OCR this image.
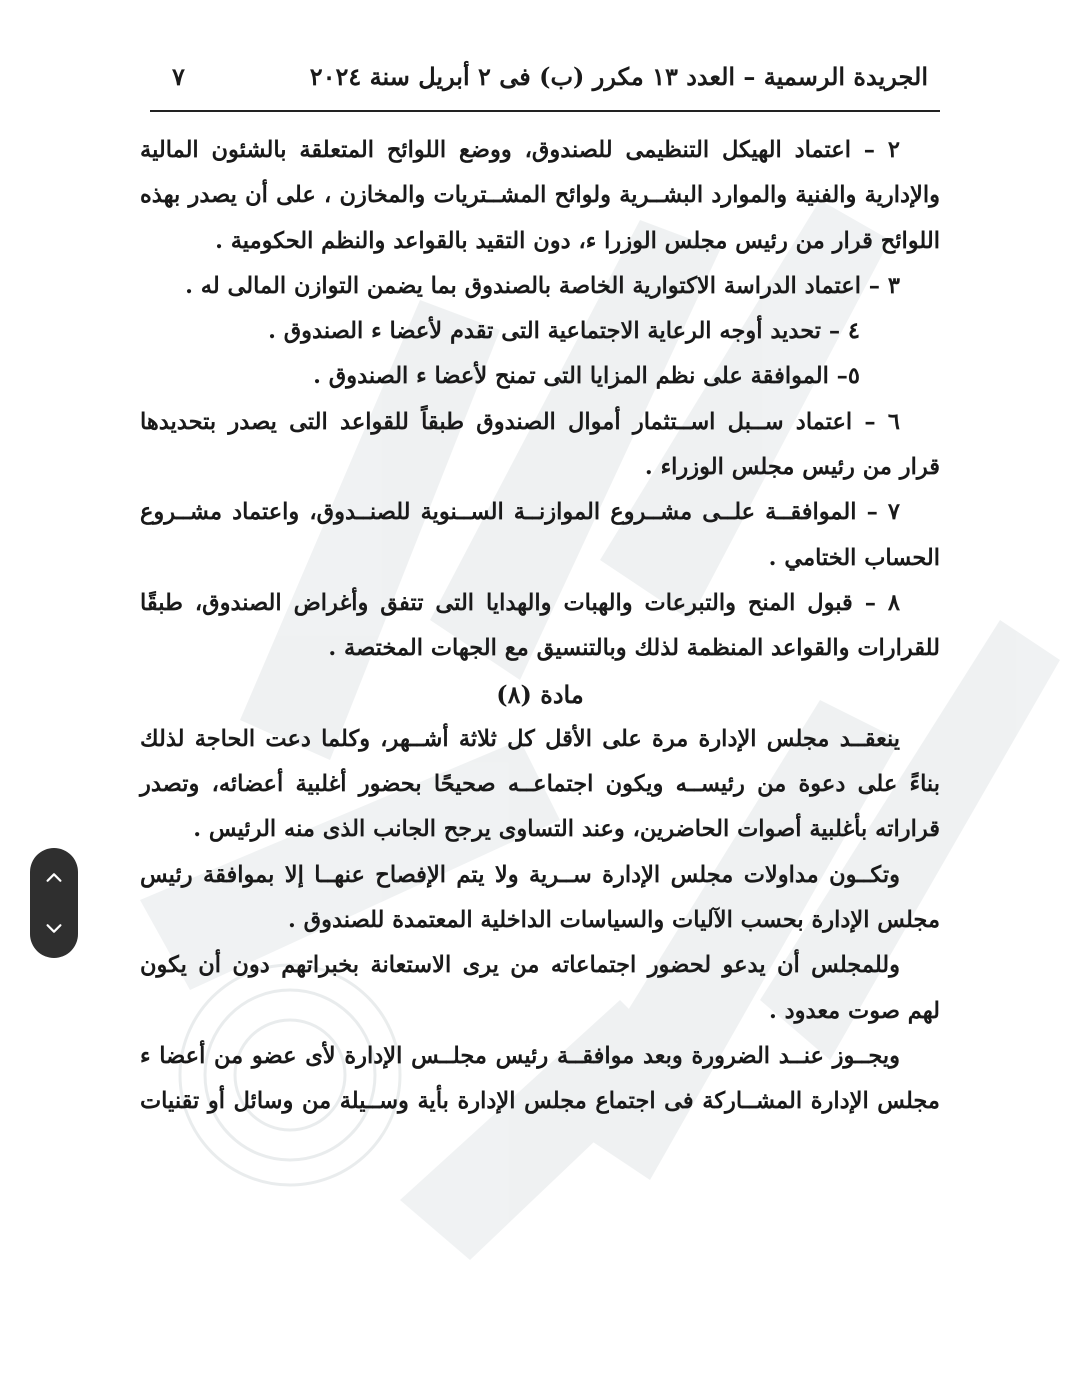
الجريدة الرسمية – العدد ١٣ مكرر (ب) فى ٢ أبريل سنة ٢٠٢٤
٧
٢ – اعتماد الهيكل التنظيمى للصندوق، ووضع اللوائح المتعلقة بالشئون المالية
والإدارية والفنية والموارد البشــرية ولوائح المشــتريات والمخازن ، على أن يصدر بهذه
اللوائح قرار من رئيس مجلس الوزرا ء، دون التقيد بالقواعد والنظم الحكومية .
٣ – اعتماد الدراسة الاكتوارية الخاصة بالصندوق بما يضمن التوازن المالى له .
٤ – تحديد أوجه الرعاية الاجتماعية التى تقدم لأعضا ء الصندوق .
٥– الموافقة على نظم المزايا التى تمنح لأعضا ء الصندوق .
٦ – اعتماد ســبل اســتثمار أموال الصندوق طبقاً للقواعد التى يصدر بتحديدها
قرار من رئيس مجلس الوزراء .
٧ – الموافقــة علــى مشــروع الموازنــة الســنوية للصنــدوق، واعتماد مشــروع
الحساب الختامي .
٨ – قبول المنح والتبرعات والهبات والهدايا التى تتفق وأغراض الصندوق، طبقًا
للقرارات والقواعد المنظمة لذلك وبالتنسيق مع الجهات المختصة .
مادة (٨)
ينعقــد مجلس الإدارة مرة على الأقل كل ثلاثة أشــهر، وكلما دعت الحاجة لذلك
بناءً على دعوة من رئيســه ويكون اجتماعــه صحيحًا بحضور أغلبية أعضائه، وتصدر
قراراته بأغلبية أصوات الحاضرين، وعند التساوى يرجح الجانب الذى منه الرئيس .
وتكــون مداولات مجلس الإدارة ســرية ولا يتم الإفصاح عنهــا إلا بموافقة رئيس
مجلس الإدارة بحسب الآليات والسياسات الداخلية المعتمدة للصندوق .
وللمجلس أن يدعو لحضور اجتماعاته من يرى الاستعانة بخبراتهم دون أن يكون
لهم صوت معدود .
ويجــوز عنــد الضرورة وبعد موافقــة رئيس مجلــس الإدارة لأى عضو من أعضا ء
مجلس الإدارة المشــاركة فى اجتماع مجلس الإدارة بأية وســيلة من وسائل أو تقنيات
